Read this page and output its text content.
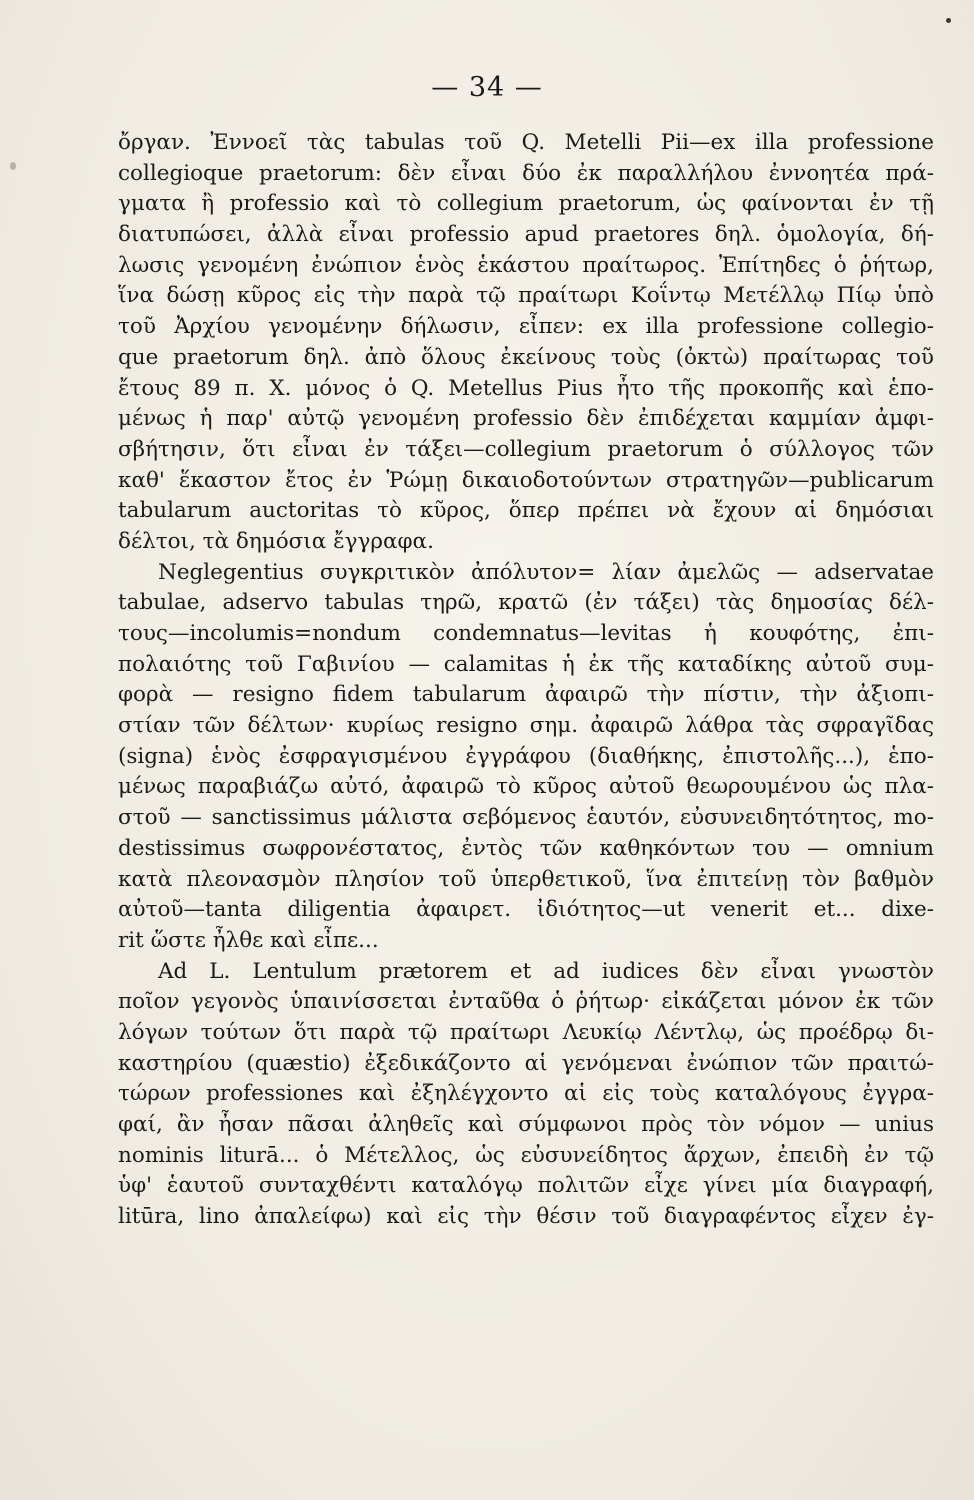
— 34 —
ὄργαν. Ἐννοεῖ τὰς tabulas τοῦ Q. Metelli Pii—ex illa professione
collegioque praetorum: δὲν εἶναι δύο ἐκ παραλλήλου ἐννοητέα πρά-
γματα ἢ professio καὶ τὸ collegium praetorum, ὡς φαίνονται ἐν τῇ
διατυπώσει, ἀλλὰ εἶναι professio apud praetores δηλ. ὁμολογία, δή-
λωσις γενομένη ἐνώπιον ἑνὸς ἑκάστου πραίτωρος. Ἐπίτηδες ὁ ῥήτωρ,
ἵνα δώσῃ κῦρος εἰς τὴν παρὰ τῷ πραίτωρι Κοΐντῳ Μετέλλῳ Πίῳ ὑπὸ
τοῦ Ἀρχίου γενομένην δήλωσιν, εἶπεν: ex illa professione collegio-
que praetorum δηλ. ἀπὸ ὅλους ἐκείνους τοὺς (ὀκτὼ) πραίτωρας τοῦ
ἔτους 89 π. Χ. μόνος ὁ Q. Metellus Pius ἦτο τῆς προκοπῆς καὶ ἑπο-
μένως ἡ παρ' αὐτῷ γενομένη professio δὲν ἐπιδέχεται καμμίαν ἀμφι-
σβήτησιν, ὅτι εἶναι ἐν τάξει—collegium praetorum ὁ σύλλογος τῶν
καθ' ἕκαστον ἔτος ἐν Ῥώμῃ δικαιοδοτούντων στρατηγῶν—publicarum
tabularum auctoritas τὸ κῦρος, ὅπερ πρέπει νὰ ἔχουν αἱ δημόσιαι
δέλτοι, τὰ δημόσια ἔγγραφα.
Neglegentius συγκριτικὸν ἀπόλυτον= λίαν ἀμελῶς — adservatae
tabulae, adservo tabulas τηρῶ, κρατῶ (ἐν τάξει) τὰς δημοσίας δέλ-
τους—incolumis=nondum condemnatus—levitas ἡ κουφότης, ἐπι-
πολαιότης τοῦ Γαβινίου — calamitas ἡ ἐκ τῆς καταδίκης αὐτοῦ συμ-
φορὰ — resigno fidem tabularum ἀφαιρῶ τὴν πίστιν, τὴν ἀξιοπι-
στίαν τῶν δέλτων· κυρίως resigno σημ. ἀφαιρῶ λάθρα τὰς σφραγῖδας
(signa) ἑνὸς ἐσφραγισμένου ἐγγράφου (διαθήκης, ἐπιστολῆς...), ἑπο-
μένως παραβιάζω αὐτό, ἀφαιρῶ τὸ κῦρος αὐτοῦ θεωρουμένου ὡς πλα-
στοῦ — sanctissimus μάλιστα σεβόμενος ἑαυτόν, εὐσυνειδητότητος, mo-
destissimus σωφρονέστατος, ἐντὸς τῶν καθηκόντων του — omnium
κατὰ πλεονασμὸν πλησίον τοῦ ὑπερθετικοῦ, ἵνα ἐπιτείνῃ τὸν βαθμὸν
αὐτοῦ—tanta diligentia ἀφαιρετ. ἰδιότητος—ut venerit et... dixe-
rit ὥστε ἦλθε καὶ εἶπε...
Ad L. Lentulum prætorem et ad iudices δὲν εἶναι γνωστὸν
ποῖον γεγονὸς ὑπαινίσσεται ἐνταῦθα ὁ ῥήτωρ· εἰκάζεται μόνον ἐκ τῶν
λόγων τούτων ὅτι παρὰ τῷ πραίτωρι Λευκίῳ Λέντλῳ, ὡς προέδρῳ δι-
καστηρίου (quæstio) ἐξεδικάζοντο αἱ γενόμεναι ἐνώπιον τῶν πραιτώ-
τώρων professiones καὶ ἐξηλέγχοντο αἱ εἰς τοὺς καταλόγους ἐγγρα-
φαί, ἂν ἦσαν πᾶσαι ἀληθεῖς καὶ σύμφωνοι πρὸς τὸν νόμον — unius
nominis liturā... ὁ Μέτελλος, ὡς εὐσυνείδητος ἄρχων, ἐπειδὴ ἐν τῷ
ὑφ' ἑαυτοῦ συνταχθέντι καταλόγῳ πολιτῶν εἶχε γίνει μία διαγραφή,
litūra, lino ἀπαλείφω) καὶ εἰς τὴν θέσιν τοῦ διαγραφέντος εἶχεν ἐγ-
